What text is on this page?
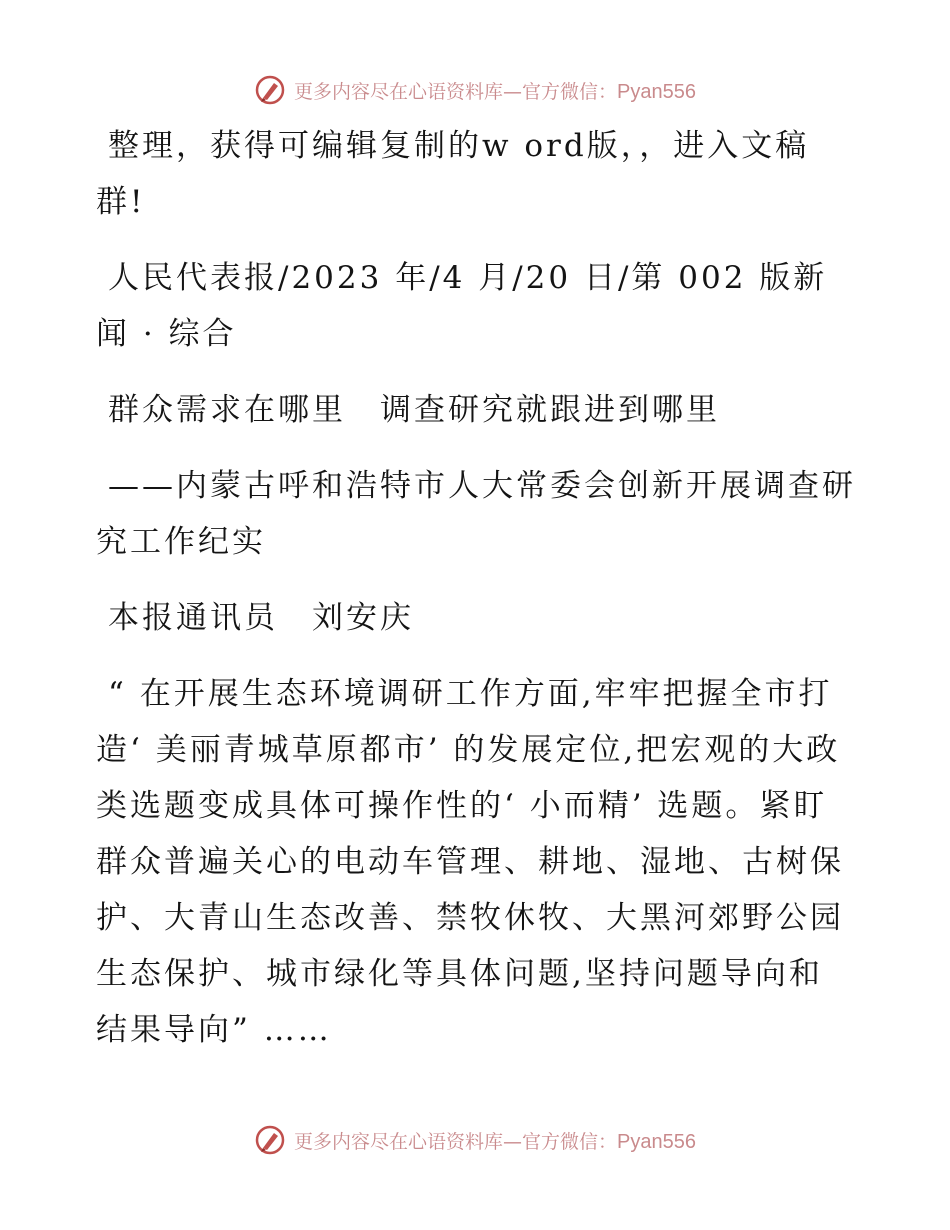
更多内容尽在心语资料库—官方微信：Pyan556

整理，获得可编辑复制的w ord版，，进入文稿群!

人民代表报/2023 年/4 月/20 日/第 002 版新闻 · 综合

群众需求在哪里　调查研究就跟进到哪里

——内蒙古呼和浩特市人大常委会创新开展调查研究工作纪实

本报通讯员　刘安庆

“ 在开展生态环境调研工作方面,牢牢把握全市打造‘ 美丽青城草原都市’ 的发展定位,把宏观的大政类选题变成具体可操作性的‘ 小而精’ 选题。紧盯群众普遍关心的电动车管理、耕地、湿地、古树保护、大青山生态改善、禁牧休牧、大黑河郊野公园生态保护、城市绿化等具体问题,坚持问题导向和结果导向” ……

更多内容尽在心语资料库—官方微信：Pyan556
